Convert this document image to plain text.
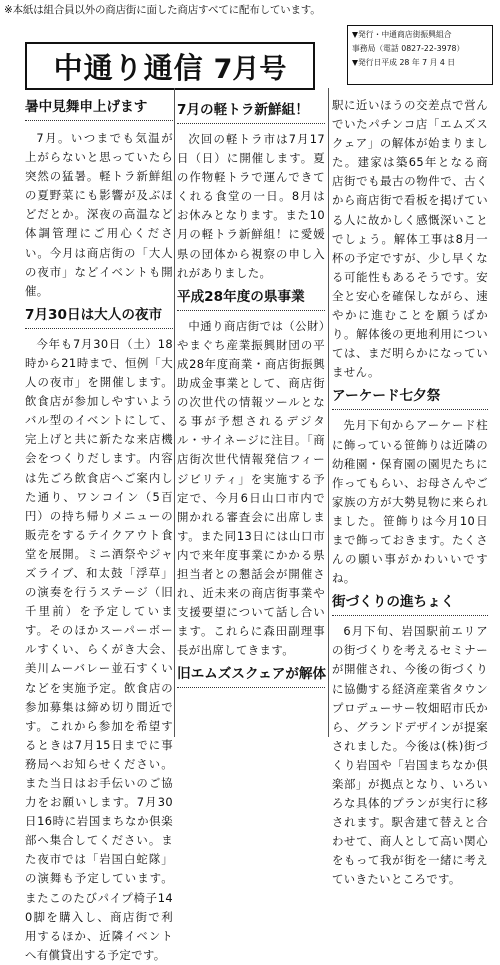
※本紙は組合員以外の商店街に面した商店すべてに配布しています。
中通り通信 7月号
▼発行・中通商店街振興組合
事務局（電話 0827-22-3978）
▼発行日平成 28 年 7 月 4 日
暑中見舞申上げます

7月。いつまでも気温が上がらないと思っていたら突然の猛暑。軽トラ新鮮組の夏野菜にも影響が及ぶほどだとか。深夜の高温など体調管理にご用心ください。今月は商店街の「大人の夜市」などイベントも開催。

7月30日は大人の夜市

今年も7月30日（土）18時から21時まで、恒例「大人の夜市」を開催します。飲食店が参加しやすいようバル型のイベントにして、完上げと共に新たな来店機会をつくりだします。内容は先ごろ飲食店へご案内した通り、ワンコイン（5百円）の持ち帰りメニューの販売をするテイクアウト食堂を展開。ミニ酒祭やジャズライブ、和太鼓「浮草」の演奏を行うステージ（旧千里前）を予定しています。そのほかスーパーボールすくい、らくがき大会、美川ムーバレー並石すくいなどを実施予定。飲食店の参加募集は締め切り間近です。これから参加を希望するときは7月15日までに事務局へお知らせください。また当日はお手伝いのご協力をお願いします。7月30日16時に岩国まちなか倶楽部へ集合してください。また夜市では「岩国白蛇隊」の演舞も予定しています。またこのたびパイプ椅子140脚を購入し、商店街で利用するほか、近隣イベントへ有償貸出する予定です。

7月の軽トラ新鮮組！

次回の軽トラ市は7月17日（日）に開催します。夏の作物軽トラで運んできてくれる食堂の一日。8月はお休みとなります。また10月の軽トラ新鮮組！に愛媛県の団体から視察の申し入れがありました。

平成28年度の県事業

中通り商店街では（公財）やまぐち産業振興財団の平成28年度商業・商店街振興助成金事業として、商店街の次世代の情報ツールとなる事が予想されるデジタル・サイネージに注目。「商店街次世代情報発信フィージビリティ」を実施する予定で、今月6日山口市内で開かれる審査会に出席します。また同13日には山口市内で来年度事業にかかる県担当者との懇話会が開催され、近未来の商店街事業や支援要望について話し合います。これらに森田副理事長が出席してきます。

旧エムズスクェアが解体

駅に近いほうの交差点で営んでいたパチンコ店「エムズスクェア」の解体が始まりました。建家は築65年となる商店街でも最古の物件で、古くから商店街で看板を掲げている人に故かしく感慨深いことでしょう。解体工事は8月一杯の予定ですが、少し早くなる可能性もあるそうです。安全と安心を確保しながら、速やかに進むことを願うばかり。解体後の更地利用については、まだ明らかになっていません。

アーケード七夕祭

先月下旬からアーケード柱に飾っている笹飾りは近隣の幼稚園・保育園の園児たちに作ってもらい、お母さんやご家族の方が大勢見物に来られました。笹飾りは今月10日まで飾っておきます。たくさんの願い事がかわいいですね。

街づくりの進ちょく

6月下旬、岩国駅前エリアの街づくりを考えるセミナーが開催され、今後の街づくりに協働する経済産業省タウンプロデューサー牧畑昭市氏から、グランドデザインが提案されました。今後は(株)街づくり岩国や「岩国まちなか倶楽部」が拠点となり、いろいろな具体的プランが実行に移されます。駅舎建て替えと合わせて、商人として高い関心をもって我が街を一緒に考えていきたいところです。
